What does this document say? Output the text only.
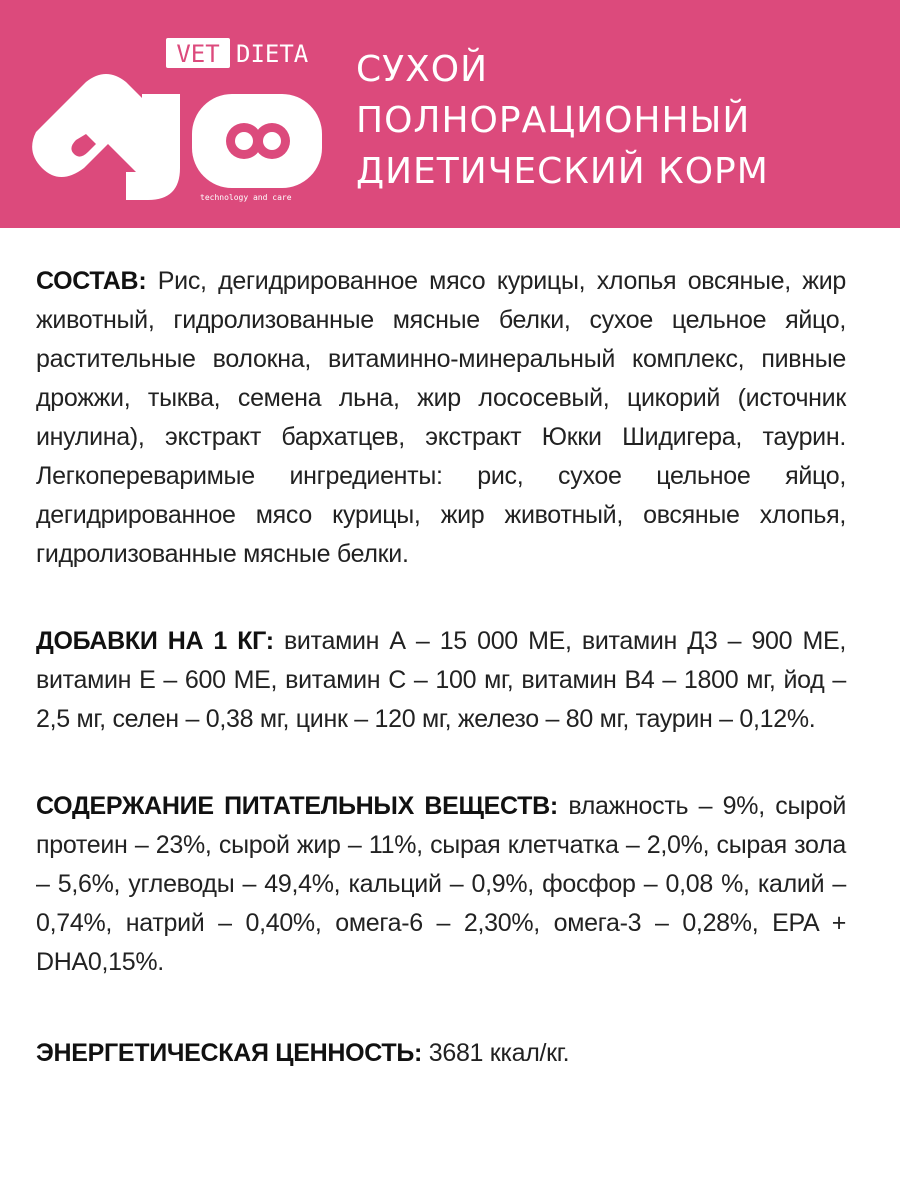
VET DIETA
technology and care
СУХОЙ
ПОЛНОРАЦИОННЫЙ
ДИЕТИЧЕСКИЙ КОРМ

СОСТАВ: Рис, дегидрированное мясо курицы, хлопья овсяные, жир животный, гидролизованные мясные белки, сухое цельное яйцо, растительные волокна, витаминно-минеральный комплекс, пивные дрожжи, тыква, семена льна, жир лососевый, цикорий (источник инулина), экстракт бархатцев, экстракт Юкки Шидигера, таурин. Легкопереваримые ингредиенты: рис, сухое цельное яйцо, дегидрированное мясо курицы, жир животный, овсяные хлопья, гидролизованные мясные белки.

ДОБАВКИ НА 1 КГ: витамин А – 15 000 МЕ, витамин Д3 – 900 МЕ, витамин Е – 600 МЕ, витамин С – 100 мг, витамин В4 – 1800 мг, йод – 2,5 мг, селен – 0,38 мг, цинк – 120 мг, железо – 80 мг, таурин – 0,12%.

СОДЕРЖАНИЕ ПИТАТЕЛЬНЫХ ВЕЩЕСТВ: влажность – 9%, сырой протеин – 23%, сырой жир – 11%, сырая клетчатка – 2,0%, сырая зола – 5,6%, углеводы – 49,4%, кальций – 0,9%, фосфор – 0,08 %, калий – 0,74%, натрий – 0,40%, омега-6 – 2,30%, омега-3 – 0,28%, EPA + DHA0,15%.

ЭНЕРГЕТИЧЕСКАЯ ЦЕННОСТЬ: 3681 ккал/кг.
